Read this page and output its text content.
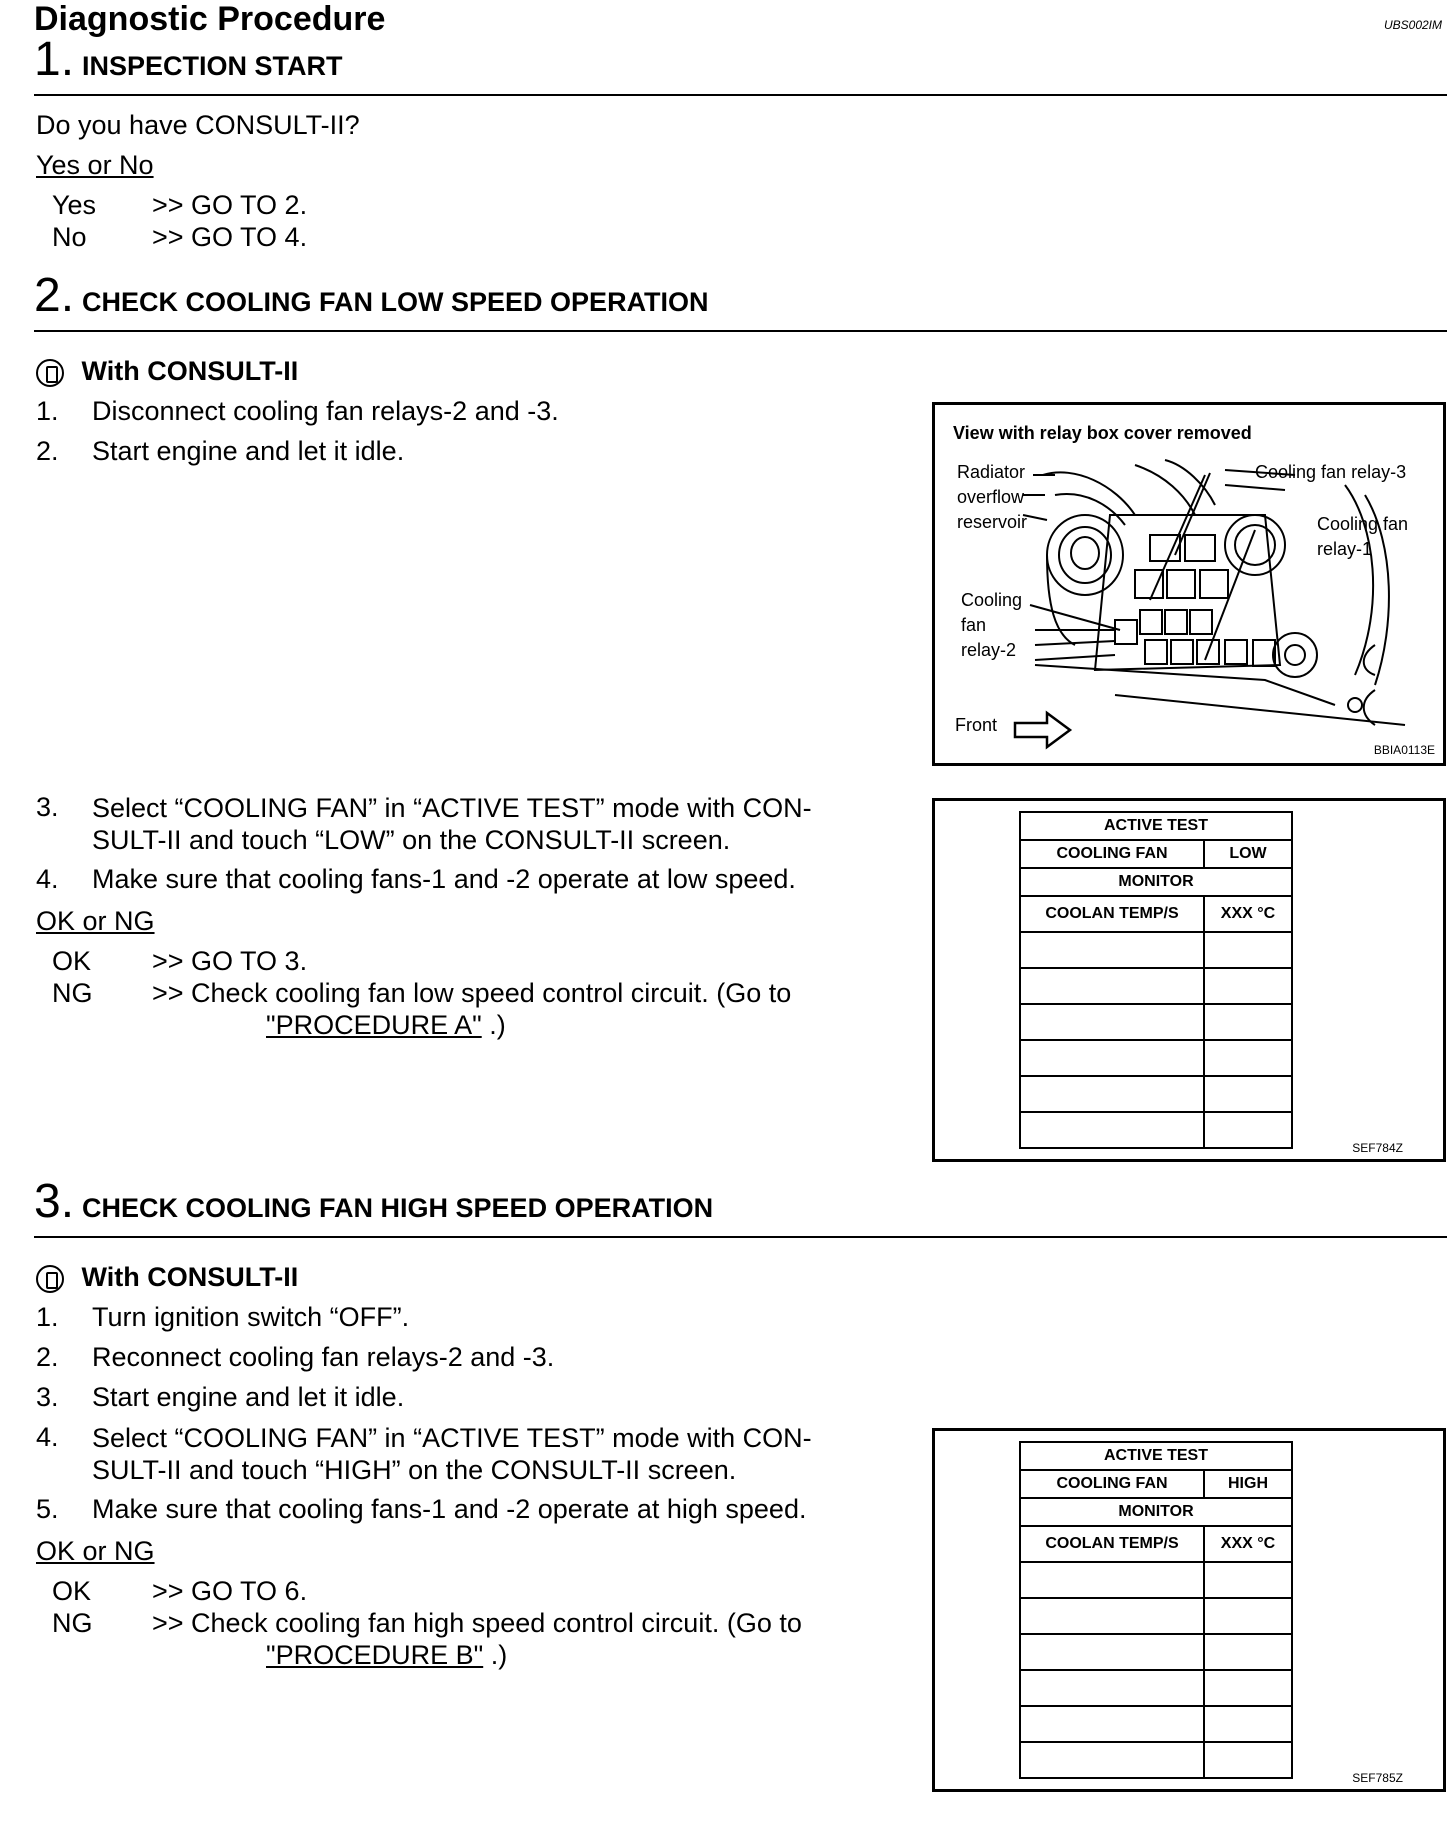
Diagnostic Procedure	UBS002IM
1. INSPECTION START
Do you have CONSULT-II?
Yes or No
Yes >> GO TO 2.
No >> GO TO 4.
2. CHECK COOLING FAN LOW SPEED OPERATION
With CONSULT-II
1. Disconnect cooling fan relays-2 and -3.
2. Start engine and let it idle.
View with relay box cover removed
Radiator
overflow
reservoir
Cooling fan relay-3
Cooling fan
relay-1
Cooling
fan
relay-2
Front
BBIA0113E
3. Select “COOLING FAN” in “ACTIVE TEST” mode with CON-
SULT-II and touch “LOW” on the CONSULT-II screen.
4. Make sure that cooling fans-1 and -2 operate at low speed.
OK or NG
OK >> GO TO 3.
NG >> Check cooling fan low speed control circuit. (Go to
"PROCEDURE A" .)
ACTIVE TEST	
COOLING FAN	LOW
MONITOR	
COOLAN TEMP/S	XXX °C

SEF784Z
3. CHECK COOLING FAN HIGH SPEED OPERATION
With CONSULT-II
1. Turn ignition switch “OFF”.
2. Reconnect cooling fan relays-2 and -3.
3. Start engine and let it idle.
4. Select “COOLING FAN” in “ACTIVE TEST” mode with CON-
SULT-II and touch “HIGH” on the CONSULT-II screen.
5. Make sure that cooling fans-1 and -2 operate at high speed.
OK or NG
OK >> GO TO 6.
NG >> Check cooling fan high speed control circuit. (Go to
"PROCEDURE B" .)
ACTIVE TEST	
COOLING FAN	HIGH
MONITOR	
COOLAN TEMP/S	XXX °C

SEF785Z
